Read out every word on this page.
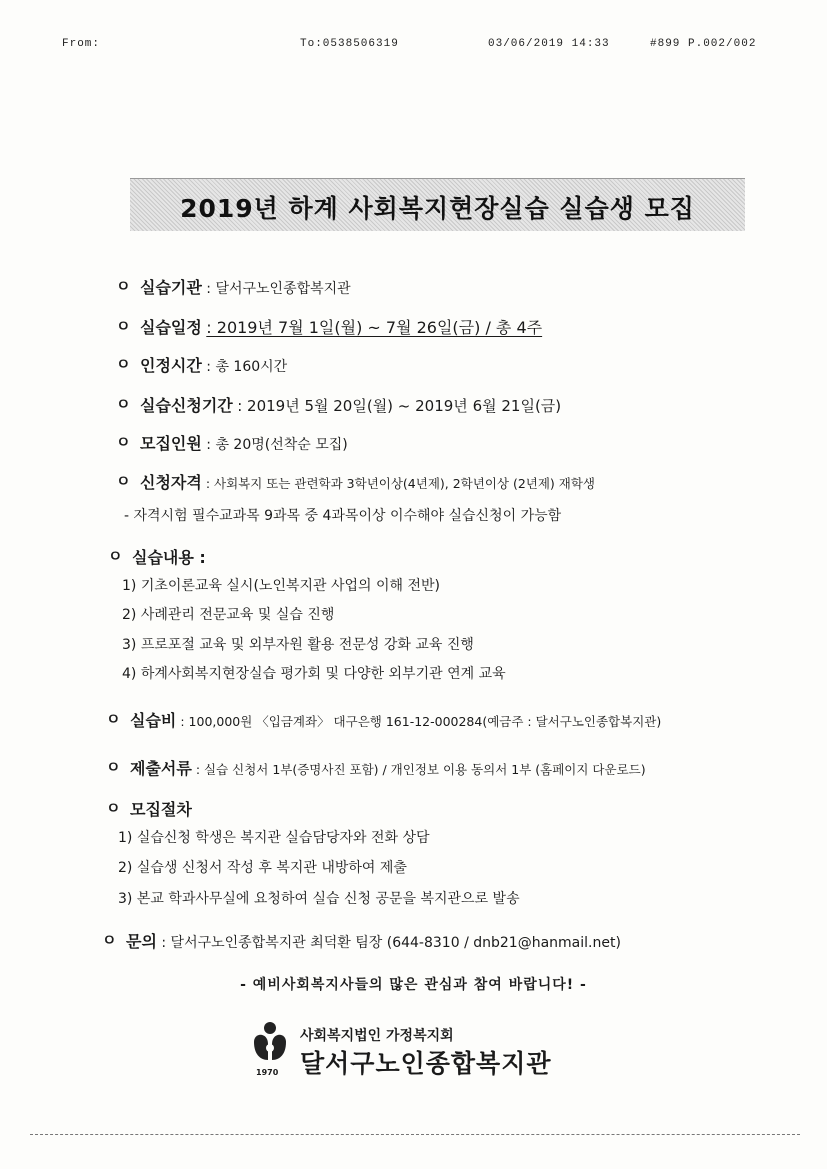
From:	To:0538506319	03/06/2019 14:33	#899 P.002/002
2019년 하계 사회복지현장실습 실습생 모집
ㅇ 실습기관 : 달서구노인종합복지관
ㅇ 실습일정 : 2019년 7월 1일(월) ~ 7월 26일(금) / 총 4주
ㅇ 인정시간 : 총 160시간
ㅇ 실습신청기간 : 2019년 5월 20일(월) ~ 2019년 6월 21일(금)
ㅇ 모집인원 : 총 20명(선착순 모집)
ㅇ 신청자격 : 사회복지 또는 관련학과 3학년이상(4년제), 2학년이상 (2년제) 재학생
- 자격시험 필수교과목 9과목 중 4과목이상 이수해야 실습신청이 가능함
ㅇ 실습내용 :
1) 기초이론교육 실시(노인복지관 사업의 이해 전반)
2) 사례관리 전문교육 및 실습 진행
3) 프로포절 교육 및 외부자원 활용 전문성 강화 교육 진행
4) 하계사회복지현장실습 평가회 및 다양한 외부기관 연계 교육
ㅇ 실습비 : 100,000원 〈입금계좌〉 대구은행 161-12-000284(예금주 : 달서구노인종합복지관)
ㅇ 제출서류 : 실습 신청서 1부(증명사진 포함) / 개인정보 이용 동의서 1부 (홈페이지 다운로드)
ㅇ 모집절차
1) 실습신청 학생은 복지관 실습담당자와 전화 상담
2) 실습생 신청서 작성 후 복지관 내방하여 제출
3) 본교 학과사무실에 요청하여 실습 신청 공문을 복지관으로 발송
ㅇ 문의 : 달서구노인종합복지관 최덕환 팀장 (644-8310 / dnb21@hanmail.net)
- 예비사회복지사들의 많은 관심과 참여 바랍니다! -
1970
사회복지법인 가정복지회
달서구노인종합복지관
